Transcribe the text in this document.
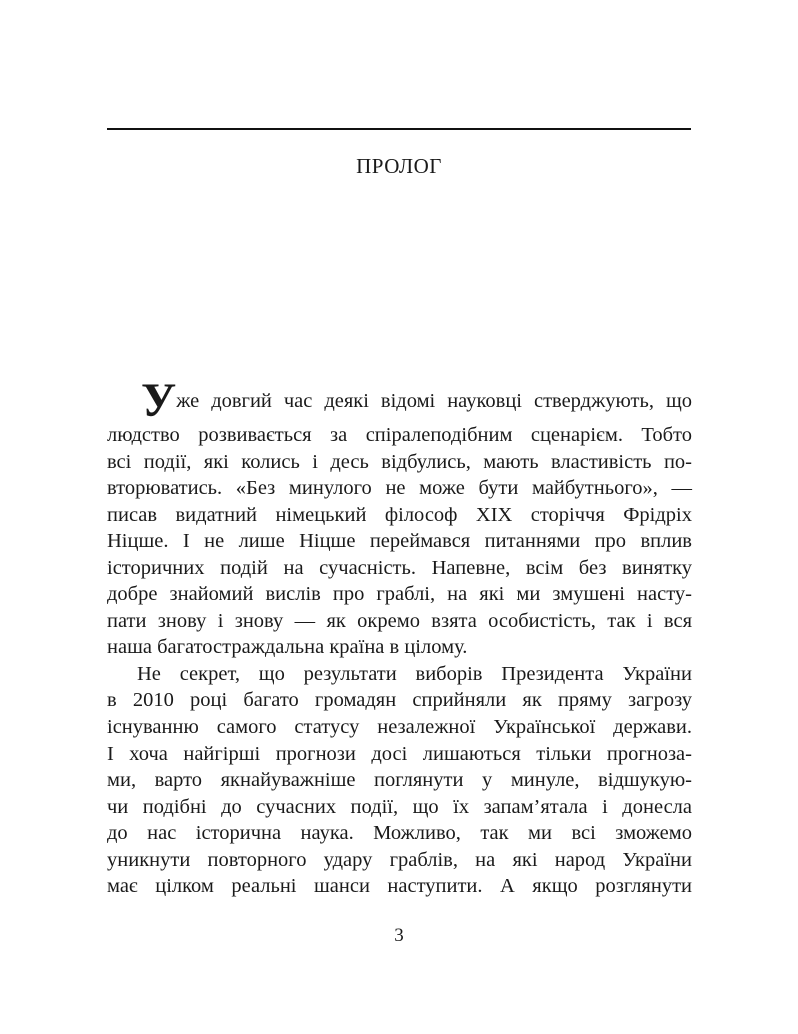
ПРОЛОГ
Уже довгий час деякі відомі науковці стверджують, що
людство розвивається за спіралеподібним сценарієм. Тобто
всі події, які колись і десь відбулись, мають властивість по-
вторюватись. «Без минулого не може бути майбутнього», —
писав видатний німецький філософ XIX сторіччя Фрідріх
Ніцше. І не лише Ніцше переймався питаннями про вплив
історичних подій на сучасність. Напевне, всім без винятку
добре знайомий вислів про граблі, на які ми змушені насту-
пати знову і знову — як окремо взята особистість, так і вся
наша багатостраждальна країна в цілому.
Не секрет, що результати виборів Президента України
в 2010 році багато громадян сприйняли як пряму загрозу
існуванню самого статусу незалежної Української держави.
І хоча найгірші прогнози досі лишаються тільки прогноза-
ми, варто якнайуважніше поглянути у минуле, відшукую-
чи подібні до сучасних події, що їх запам’ятала і донесла
до нас історична наука. Можливо, так ми всі зможемо
уникнути повторного удару граблів, на які народ України
має цілком реальні шанси наступити. А якщо розглянути
3
